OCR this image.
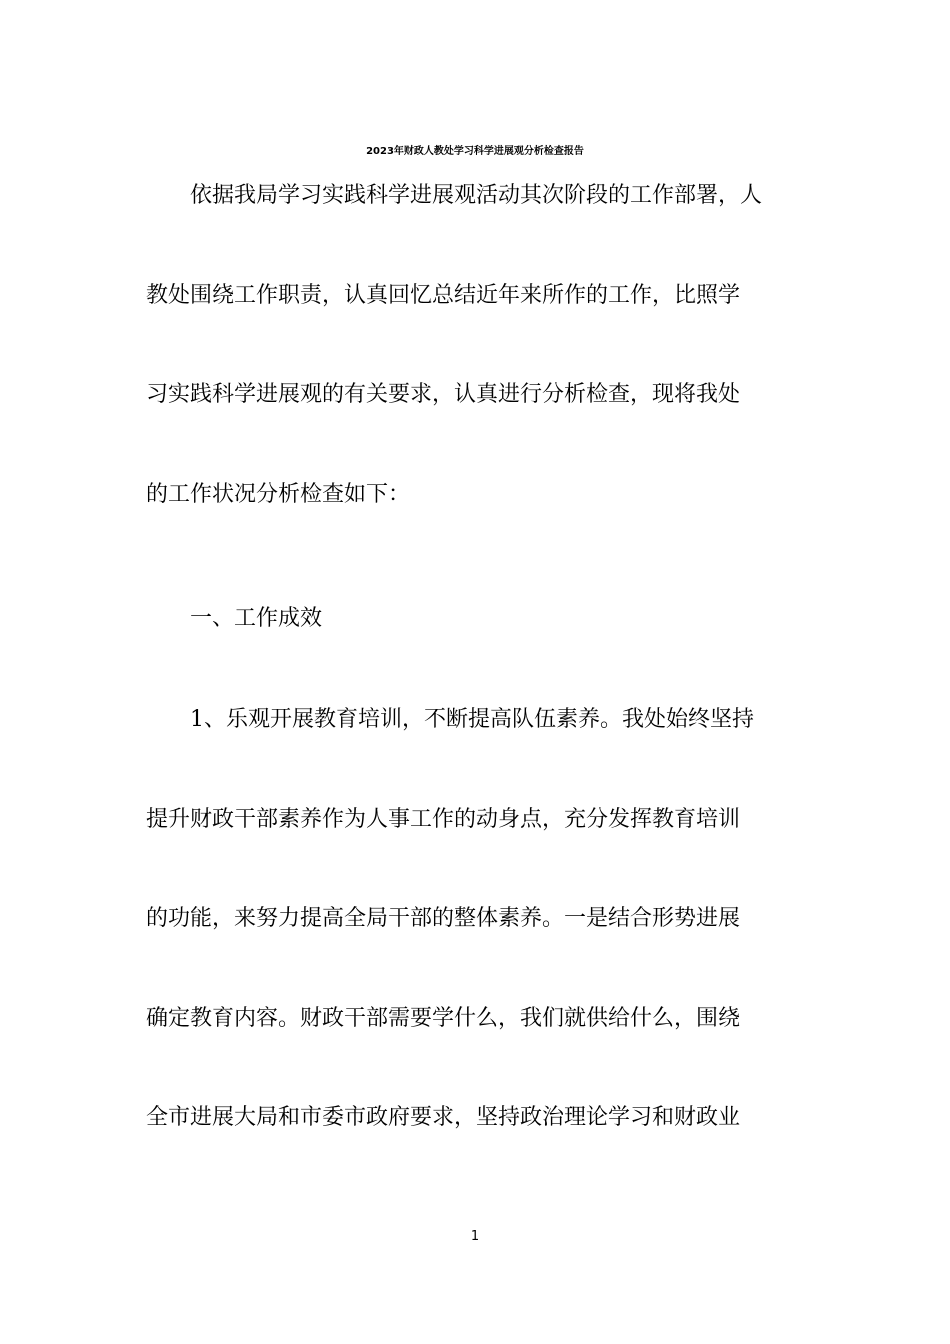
2023年财政人教处学习科学进展观分析检查报告
依据我局学习实践科学进展观活动其次阶段的工作部署，人
教处围绕工作职责，认真回忆总结近年来所作的工作，比照学
习实践科学进展观的有关要求，认真进行分析检查，现将我处
的工作状况分析检查如下：
一、工作成效
1、乐观开展教育培训，不断提高队伍素养。我处始终坚持
提升财政干部素养作为人事工作的动身点，充分发挥教育培训
的功能，来努力提高全局干部的整体素养。一是结合形势进展
确定教育内容。财政干部需要学什么，我们就供给什么，围绕
全市进展大局和市委市政府要求，坚持政治理论学习和财政业
1
